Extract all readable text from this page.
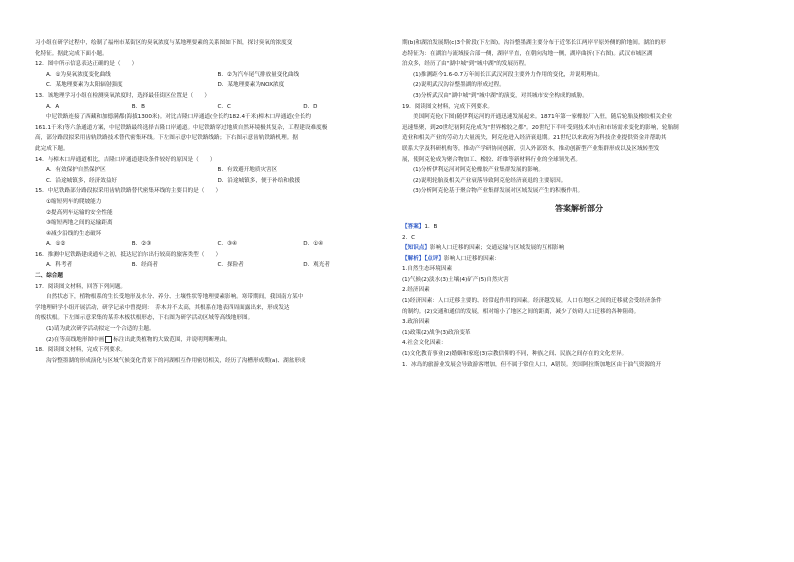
习小组在研学过程中，绘制了福州市某街区的臭氧浓度与某地理要素的关系图如下图，探讨臭氧的浓度变
化特征。据此完成下面小题。
12．图中所示信息表达正确的是（　　）
A．①为臭氧浓度变化曲线	B．②为汽车尾气排放量变化曲线
C．某地理要素为太阳辐射强度	D．某地理要素为NOX浓度
13．该地理学习小组在检测臭氧浓度时，选择最佳街区位置是（　　）
A．A	B．B	C．C	D．D
中尼铁路连接了西藏和加德满都(海拔1300米)。对比吉隆口岸通道(全长约182.4千米)樟木口岸通道(全长约
161.1千米)等六条通道方案，中尼铁路最终选择吉隆口岸通道。中尼铁路穿过地质自然环境极其复杂，工程建设难度极
高，部分路段拟采用齿轨铁路技术替代密集环线。下左图示意中尼铁路线路；下右图示意齿轨铁路机理。据
此完成下题。
14．与樟木口岸通道相比，吉隆口岸通道建设条件较好的原因是（　　）
A．有效保护自然保护区	B．有效避开地质灾害区
C．沿途城镇多，经济效益好	D．沿途城镇多，便于补给和救援
15．中尼铁路部分路段拟采用齿轨铁路替代密集环线的主要目的是（　　）
①缩短列车的爬坡能力
②提高列车运输的安全性能
③缩短两地之间的运输距离
④减少沿线的生态破坏
A．①②	B．②③	C．③④	D．①④
16．推测中尼铁路建成通车之初，抵达尼泊尔出行较高的旅客类型（　　）
A．科考者	B．经商者	C．探险者	D．观光者
二、综合题
17．阅读图文材料，回答下列问题。
自然状态下，植物根系的生长受地形及水分、养分、土壤性状等地理要素影响。寒带期间，我国南方某中
学地理研学小组开展活动，研学记录中曾提到：　乔木并不太高，其根系在地表四周面露出来，形成发达
的板状根。下左图示意采集的某乔木板状根形态，下右图为研学活动区域等高线地形图。
(1)请为此次研学活动拟定一个合适的主题。
(2)在等高线地形图中画 标注出此类植物的大致范围，并说明判断理由。
18．阅读图文材料，完成下列要求。
沟谷整墨湖的形成演化与区域气候变化背景下的河湖相互作用密切相关，经历了沟槽形成期(a)、湖盆形成
期(b)和湖泊发展期(c)3个阶段(下左图)。沟谷整墨湖主要分布于近邻长江两岸平原外侧的阶地间。湖泊的形
态特征为：在湖泊与流域接合部一侧，湖岸平直，在朝向沟地一侧，湖岸曲折(下右图)。武汉市城区湖
泊众多，经历了由"湖中城"到"城中湖"的发展历程。
(1)推测距今1.6-0.7万年间长江武汉河段主要外力作用的变化，并说明理由。
(2)说明武汉沟谷整墨湖的形成过程。
(3)分析武汉由"湖中城"到"城中湖"的演变，对其城市安全构成的威胁。
19．阅读图文材料，完成下列要求。
美国阿克伦(下图)随伊利运河的开通迅速发展起来。1871年第一家橡胶厂入驻，随后轮胎及橡胶相关企业
迅速集聚，到20世纪初阿克伦成为"世界橡胶之都"。20世纪下半叶受到技术冲击和市场需求变化的影响，轮胎制
造业和相关产业的劳动力大量流失，阿克伦进入经济衰退期。21世纪以来政府为科技企业提供资金并帮助其
联系大学及科研机构等，推动产学研协同创新，引入外部资本，推动创新型产业集群形成以及区域转型发
展，使阿克伦成为聚合物加工、橡胶、纤维等新材料行业的全球领先者。
(1)分析伊利运河对阿克伦橡胶产业集群发展的影响。
(2)说明轮胎及相关产业衰落导致阿克伦经济衰退的主要原因。
(3)分析阿克伦基于聚合物产业集群发展对区域发展产生的积极作用。
答案解析部分
【答案】1．B
2．C
【知识点】影响人口迁移的因素；交通运输与区域发展的互相影响
【解析】【点评】影响人口迁移的因素：
1.自然生态环境因素
(1)气候(2)淡水(3)土壤(4)矿产(5)自然灾害
2.经济因素
(1)经济因素：人口迁移主要的、经常起作用的因素。经济越发展，人口在地区之间的迁移就会受经济条件
的制约。(2)交通和通信的发展，相对缩小了地区之间的距离，减少了妨碍人口迁移的各种阻碍。
3.政治因素
(1)政策(2)战争(3)政治变革
4.社会文化因素：
(1)文化教育事业(2)婚姻和家庭(3)宗教信仰的不同，种族之间、民族之间存在的文化差异。
1．冰岛的旅游业发展会导致游客增加，但不属于常住人口，A错误。美国阿拉斯加地区由于油气资源的开
